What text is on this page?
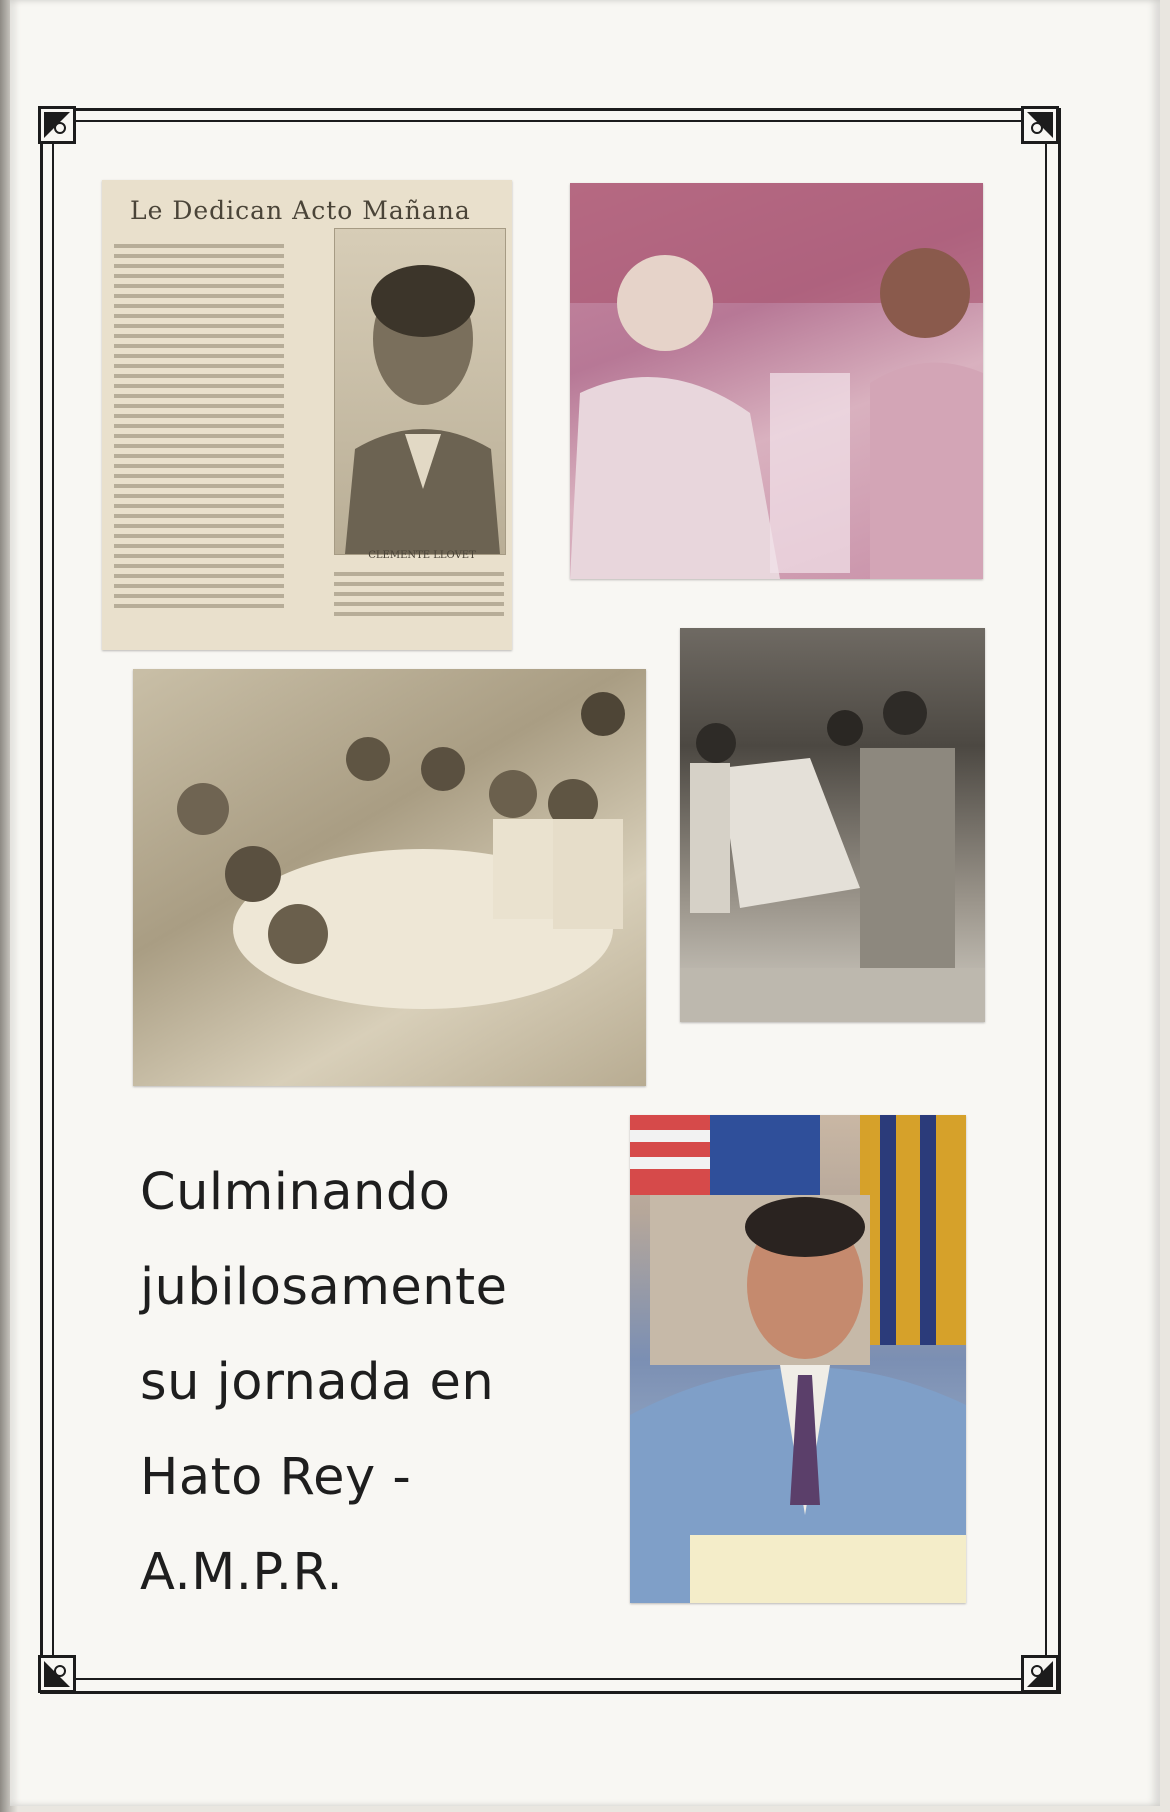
Le Dedican Acto Mañana
CLEMENTE LLOVET
Culminando
jubilosamente
su jornada en
Hato Rey -
A.M.P.R.
